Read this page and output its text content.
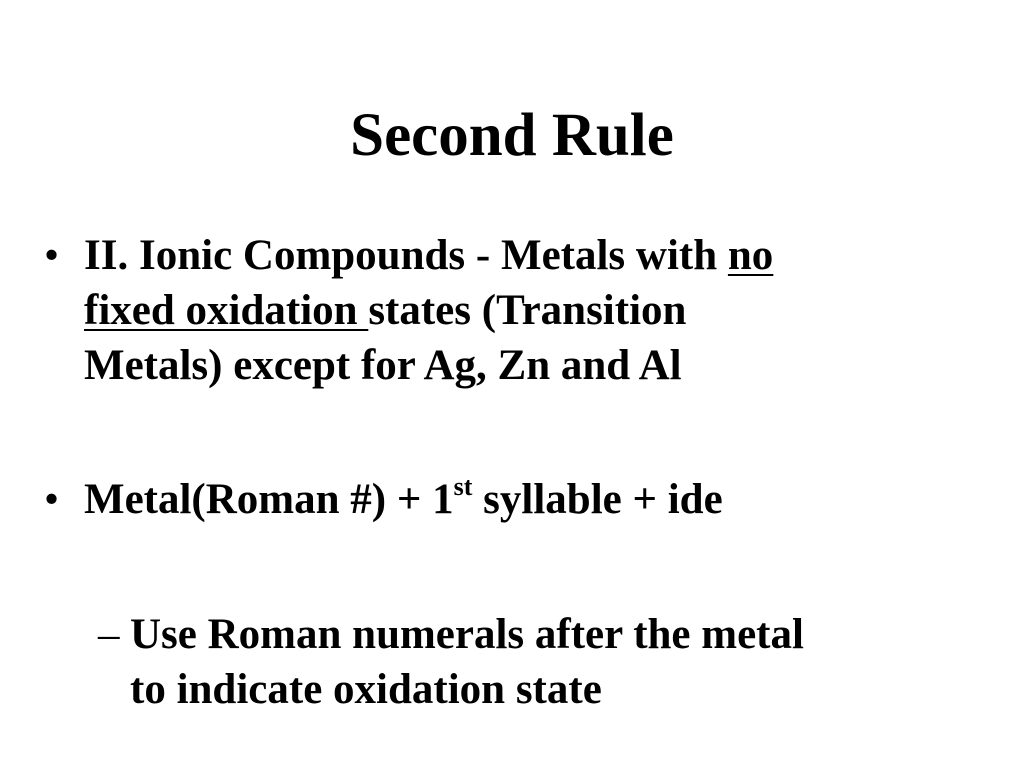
Second Rule
• II. Ionic Compounds - Metals with no
fixed oxidation states (Transition
Metals) except for Ag, Zn and Al
• Metal(Roman #) + 1st syllable + ide
– Use Roman numerals after the metal
to indicate oxidation state
